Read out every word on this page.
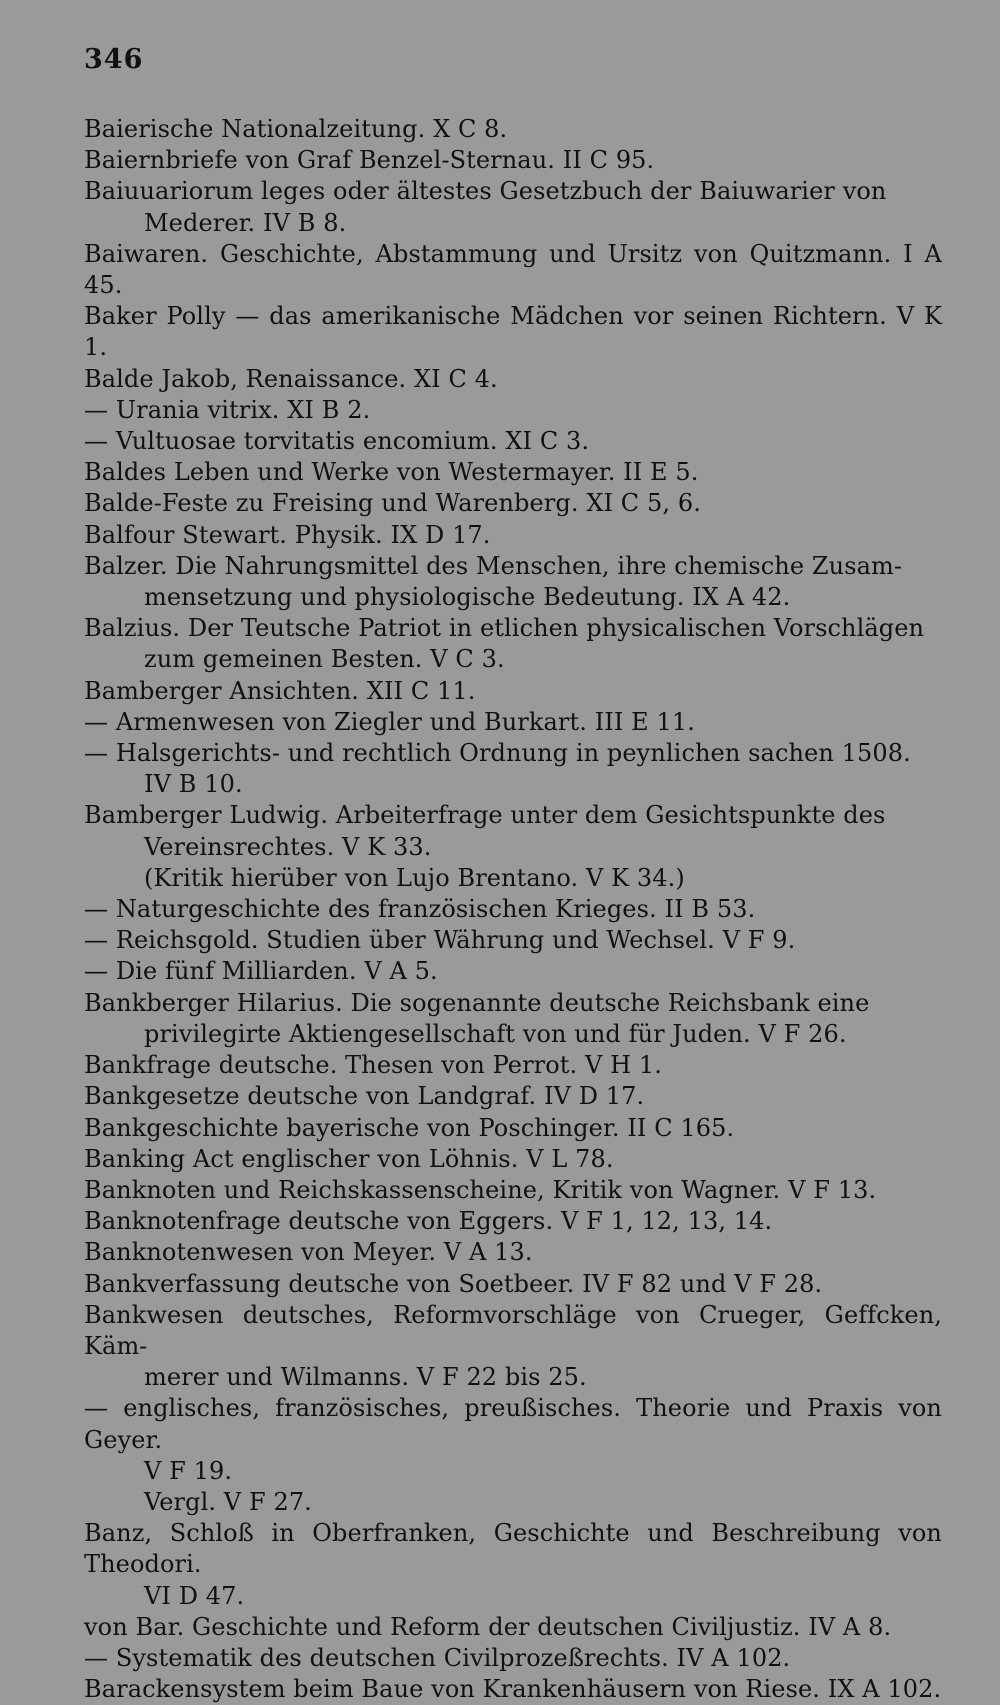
346
Baierische Nationalzeitung. X C 8.
Baiernbriefe von Graf Benzel-Sternau. II C 95.
Baiuuariorum leges oder ältestes Gesetzbuch der Baiuwarier von
Mederer. IV B 8.
Baiwaren. Geschichte, Abstammung und Ursitz von Quitzmann. I A 45.
Baker Polly — das amerikanische Mädchen vor seinen Richtern. V K 1.
Balde Jakob, Renaissance. XI C 4.
— Urania vitrix. XI B 2.
— Vultuosae torvitatis encomium. XI C 3.
Baldes Leben und Werke von Westermayer. II E 5.
Balde-Feste zu Freising und Warenberg. XI C 5, 6.
Balfour Stewart. Physik. IX D 17.
Balzer. Die Nahrungsmittel des Menschen, ihre chemische Zusam-
mensetzung und physiologische Bedeutung. IX A 42.
Balzius. Der Teutsche Patriot in etlichen physicalischen Vorschlägen
zum gemeinen Besten. V C 3.
Bamberger Ansichten. XII C 11.
— Armenwesen von Ziegler und Burkart. III E 11.
— Halsgerichts- und rechtlich Ordnung in peynlichen sachen 1508.
IV B 10.
Bamberger Ludwig. Arbeiterfrage unter dem Gesichtspunkte des
Vereinsrechtes. V K 33.
(Kritik hierüber von Lujo Brentano. V K 34.)
— Naturgeschichte des französischen Krieges. II B 53.
— Reichsgold. Studien über Währung und Wechsel. V F 9.
— Die fünf Milliarden. V A 5.
Bankberger Hilarius. Die sogenannte deutsche Reichsbank eine
privilegirte Aktiengesellschaft von und für Juden. V F 26.
Bankfrage deutsche. Thesen von Perrot. V H 1.
Bankgesetze deutsche von Landgraf. IV D 17.
Bankgeschichte bayerische von Poschinger. II C 165.
Banking Act englischer von Löhnis. V L 78.
Banknoten und Reichskassenscheine, Kritik von Wagner. V F 13.
Banknotenfrage deutsche von Eggers. V F 1, 12, 13, 14.
Banknotenwesen von Meyer. V A 13.
Bankverfassung deutsche von Soetbeer. IV F 82 und V F 28.
Bankwesen deutsches, Reformvorschläge von Crueger, Geffcken, Käm-
merer und Wilmanns. V F 22 bis 25.
— englisches, französisches, preußisches. Theorie und Praxis von Geyer.
V F 19.
Vergl. V F 27.
Banz, Schloß in Oberfranken, Geschichte und Beschreibung von Theodori.
VI D 47.
von Bar. Geschichte und Reform der deutschen Civiljustiz. IV A 8.
— Systematik des deutschen Civilprozeßrechts. IV A 102.
Barackensystem beim Baue von Krankenhäusern von Riese. IX A 102.
